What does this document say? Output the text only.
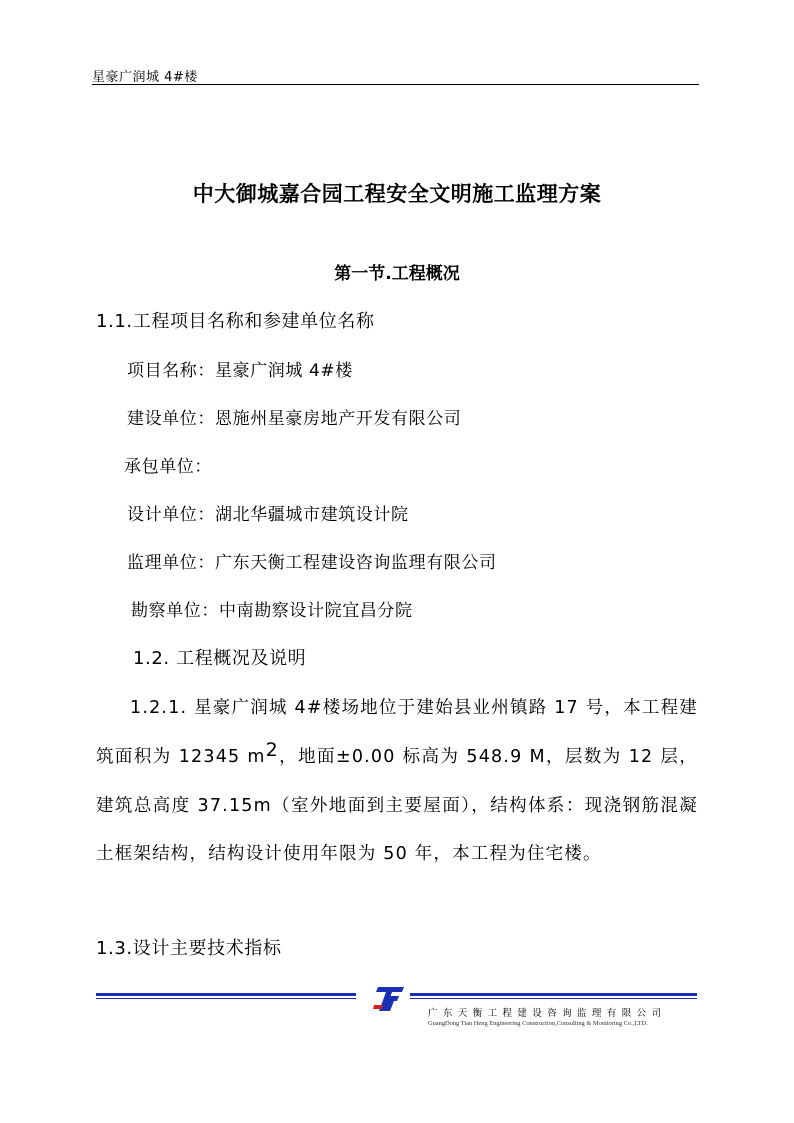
星豪广润城 4#楼
中大御城嘉合园工程安全文明施工监理方案
第一节.工程概况
1.1.工程项目名称和参建单位名称
项目名称：星豪广润城 4#楼
建设单位：恩施州星豪房地产开发有限公司
承包单位：
设计单位：湖北华疆城市建筑设计院
监理单位：广东天衡工程建设咨询监理有限公司
勘察单位：中南勘察设计院宜昌分院
1.2. 工程概况及说明
1.2.1. 星豪广润城 4#楼场地位于建始县业州镇路 17 号，本工程建筑面积为 12345 $m^2$，地面±0.00 标高为 548.9 M，层数为 12 层，建筑总高度 37.15m（室外地面到主要屋面），结构体系：现浇钢筋混凝土框架结构，结构设计使用年限为 50 年，本工程为住宅楼。
1.3.设计主要技术指标
广东天衡工程建设咨询监理有限公司
GuangDong Tian Heng Engineering Construction,Consulting & Monitoring Co.,LTD.
